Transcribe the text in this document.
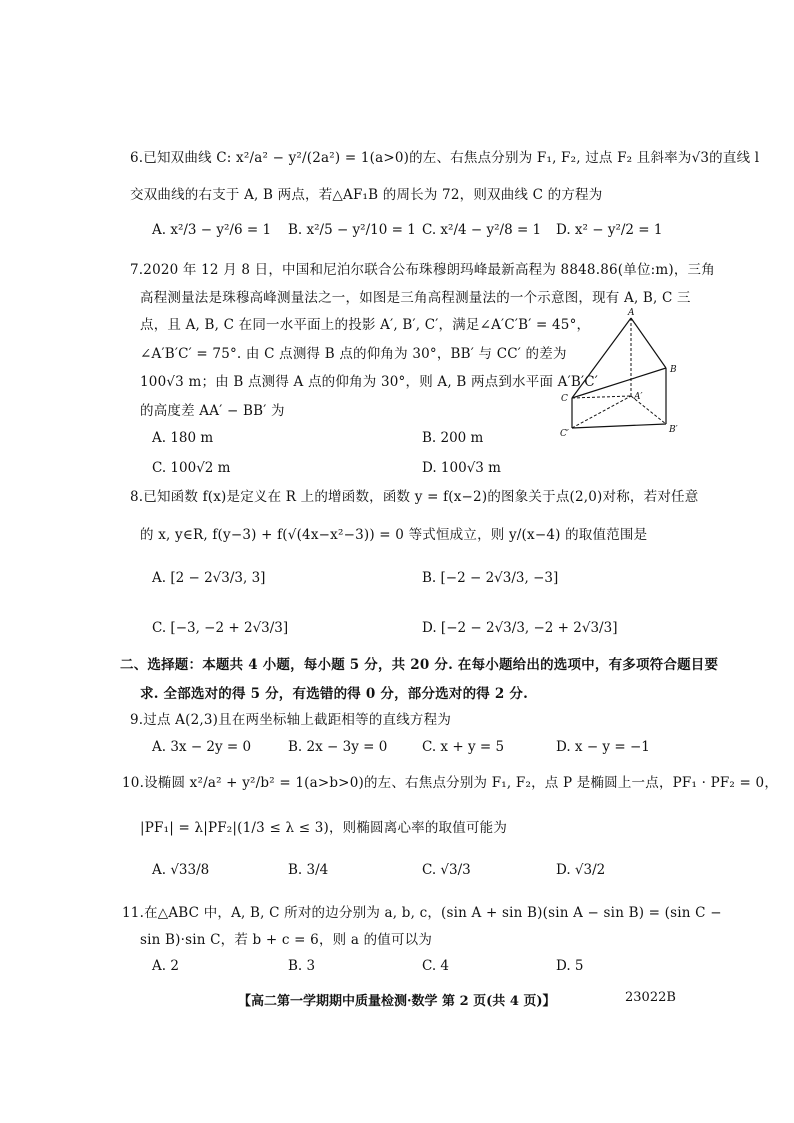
6.已知双曲线 C: x²/a² − y²/(2a²) = 1(a>0)的左、右焦点分别为 F₁, F₂, 过点 F₂ 且斜率为√3的直线 l
交双曲线的右支于 A, B 两点，若△AF₁B 的周长为 72，则双曲线 C 的方程为
A. x²/3 − y²/6 = 1 B. x²/5 − y²/10 = 1 C. x²/4 − y²/8 = 1 D. x² − y²/2 = 1
7.2020 年 12 月 8 日，中国和尼泊尔联合公布珠穆朗玛峰最新高程为 8848.86(单位:m)，三角
高程测量法是珠穆高峰测量法之一，如图是三角高程测量法的一个示意图，现有 A, B, C 三
点，且 A, B, C 在同一水平面上的投影 A′, B′, C′，满足∠A′C′B′ = 45°，
∠A′B′C′ = 75°. 由 C 点测得 B 点的仰角为 30°，BB′ 与 CC′ 的差为
100√3 m；由 B 点测得 A 点的仰角为 30°，则 A, B 两点到水平面 A′B′C′
的高度差 AA′ − BB′ 为
A. 180 m	B. 200 m
C. 100√2 m	D. 100√3 m
A
B
C	A′
C′	B′
8.已知函数 f(x)是定义在 R 上的增函数，函数 y = f(x−2)的图象关于点(2,0)对称，若对任意
的 x, y∈R, f(y−3) + f(√(4x−x²−3)) = 0 等式恒成立，则 y/(x−4) 的取值范围是
A. [2 − 2√3/3, 3]	B. [−2 − 2√3/3, −3]
C. [−3, −2 + 2√3/3]	D. [−2 − 2√3/3, −2 + 2√3/3]
二、选择题：本题共 4 小题，每小题 5 分，共 20 分. 在每小题给出的选项中，有多项符合题目要
求. 全部选对的得 5 分，有选错的得 0 分，部分选对的得 2 分.
9.过点 A(2,3)且在两坐标轴上截距相等的直线方程为
A. 3x − 2y = 0	B. 2x − 3y = 0	C. x + y = 5	D. x − y = −1
10.设椭圆 x²/a² + y²/b² = 1(a>b>0)的左、右焦点分别为 F₁, F₂，点 P 是椭圆上一点，PF₁ · PF₂ = 0，
|PF₁| = λ|PF₂|(1/3 ≤ λ ≤ 3)，则椭圆离心率的取值可能为
A. √33/8	B. 3/4	C. √3/3	D. √3/2
11.在△ABC 中，A, B, C 所对的边分别为 a, b, c，(sin A + sin B)(sin A − sin B) = (sin C −
sin B)·sin C，若 b + c = 6，则 a 的值可以为
A. 2	B. 3	C. 4	D. 5
【高二第一学期期中质量检测·数学 第 2 页(共 4 页)】	23022B
